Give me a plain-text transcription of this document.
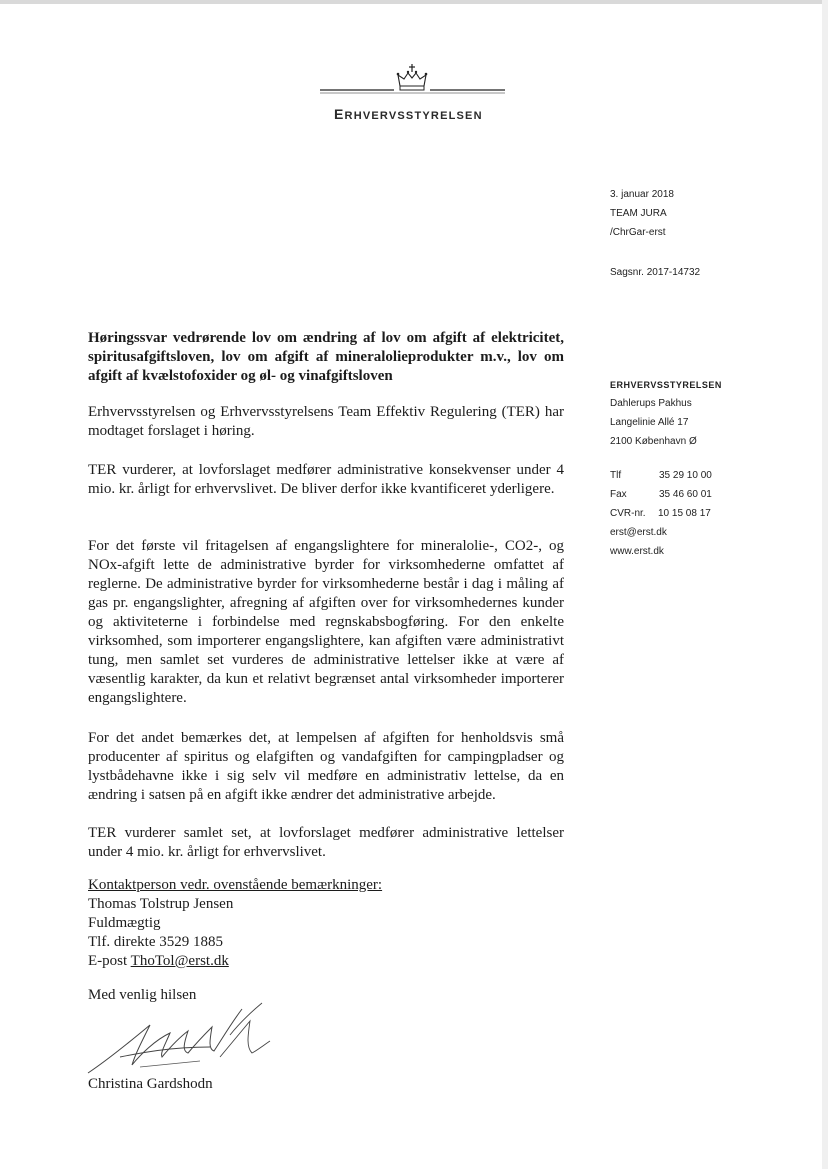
ERHVERVSSTYRELSEN
3. januar 2018
TEAM JURA
/ChrGar-erst
Sagsnr. 2017-14732
ERHVERVSSTYRELSEN
Dahlerups Pakhus
Langelinie Allé 17
2100 København Ø
Tlf	35 29 10 00
Fax	35 46 60 01
CVR-nr.	10 15 08 17
erst@erst.dk
www.erst.dk
Høringssvar vedrørende lov om ændring af lov om afgift af elektricitet, spiritusafgiftsloven, lov om afgift af mineralolieprodukter m.v., lov om afgift af kvælstofoxider og øl- og vinafgiftsloven
Erhvervsstyrelsen og Erhvervsstyrelsens Team Effektiv Regulering (TER) har modtaget forslaget i høring.
TER vurderer, at lovforslaget medfører administrative konsekvenser under 4 mio. kr. årligt for erhvervslivet. De bliver derfor ikke kvantificeret yderligere.
For det første vil fritagelsen af engangslightere for mineralolie-, CO2-, og NOx-afgift lette de administrative byrder for virksomhederne omfattet af reglerne. De administrative byrder for virksomhederne består i dag i måling af gas pr. engangslighter, afregning af afgiften over for virksomhedernes kunder og aktiviteterne i forbindelse med regnskabsbogføring. For den enkelte virksomhed, som importerer engangslightere, kan afgiften være administrativt tung, men samlet set vurderes de administrative lettelser ikke at være af væsentlig karakter, da kun et relativt begrænset antal virksomheder importerer engangslightere.
For det andet bemærkes det, at lempelsen af afgiften for henholdsvis små producenter af spiritus og elafgiften og vandafgiften for campingpladser og lystbådehavne ikke i sig selv vil medføre en administrativ lettelse, da en ændring i satsen på en afgift ikke ændrer det administrative arbejde.
TER vurderer samlet set, at lovforslaget medfører administrative lettelser under 4 mio. kr. årligt for erhvervslivet.
Kontaktperson vedr. ovenstående bemærkninger:
Thomas Tolstrup Jensen
Fuldmægtig
Tlf. direkte 3529 1885
E-post ThoTol@erst.dk
Med venlig hilsen
Christina Gardshodn
